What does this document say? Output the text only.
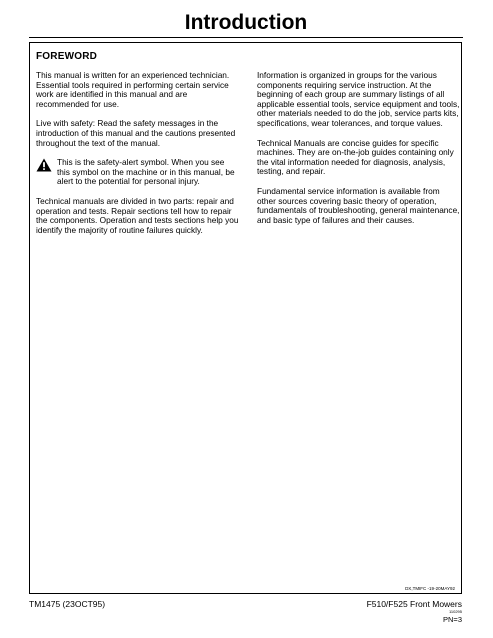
Introduction
FOREWORD

This manual is written for an experienced technician. Essential tools required in performing certain service work are identified in this manual and are recommended for use.

Live with safety: Read the safety messages in the introduction of this manual and the cautions presented throughout the text of the manual.

This is the safety-alert symbol. When you see this symbol on the machine or in this manual, be alert to the potential for personal injury.

Technical manuals are divided in two parts: repair and operation and tests. Repair sections tell how to repair the components. Operation and tests sections help you identify the majority of routine failures quickly.

Information is organized in groups for the various components requiring service instruction. At the beginning of each group are summary listings of all applicable essential tools, service equipment and tools, other materials needed to do the job, service parts kits, specifications, wear tolerances, and torque values.

Technical Manuals are concise guides for specific machines. They are on-the-job guides containing only the vital information needed for diagnosis, analysis, testing, and repair.

Fundamental service information is available from other sources covering basic theory of operation, fundamentals of troubleshooting, general maintenance, and basic type of failures and their causes.

DX,TMIFC -19-20MAY92
TM1475 (23OCT95)	F510/F525 Front Mowers
110295
PN=3
